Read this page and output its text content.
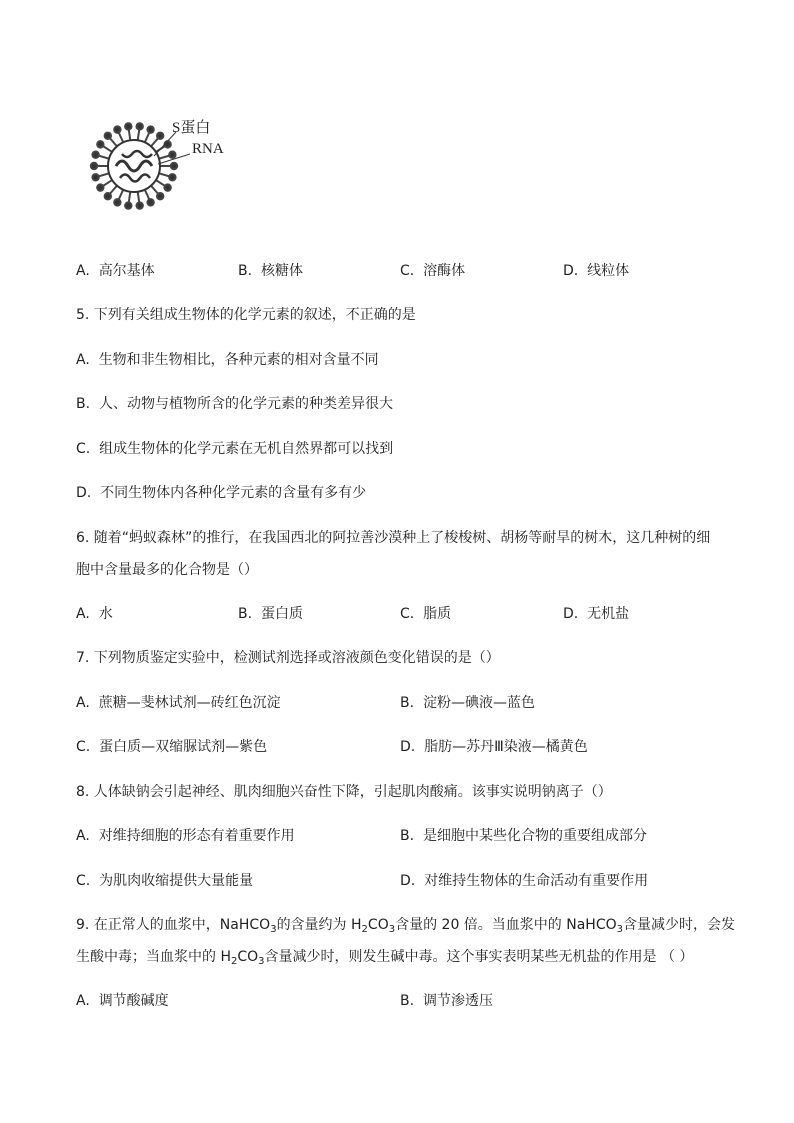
S蛋白
RNA
A. 高尔基体	B. 核糖体	C. 溶酶体	D. 线粒体
5. 下列有关组成生物体的化学元素的叙述，不正确的是
A. 生物和非生物相比，各种元素的相对含量不同
B. 人、动物与植物所含的化学元素的种类差异很大
C. 组成生物体的化学元素在无机自然界都可以找到
D. 不同生物体内各种化学元素的含量有多有少
6. 随着“蚂蚁森林”的推行，在我国西北的阿拉善沙漠种上了梭梭树、胡杨等耐旱的树木，这几种树的细
胞中含量最多的化合物是（）
A. 水	B. 蛋白质	C. 脂质	D. 无机盐
7. 下列物质鉴定实验中，检测试剂选择或溶液颜色变化错误的是（）
A. 蔗糖—斐林试剂—砖红色沉淀	B. 淀粉—碘液—蓝色
C. 蛋白质—双缩脲试剂—紫色	D. 脂肪—苏丹Ⅲ染液—橘黄色
8. 人体缺钠会引起神经、肌肉细胞兴奋性下降，引起肌肉酸痛。该事实说明钠离子（）
A. 对维持细胞的形态有着重要作用	B. 是细胞中某些化合物的重要组成部分
C. 为肌肉收缩提供大量能量	D. 对维持生物体的生命活动有重要作用
9. 在正常人的血浆中，NaHCO$_3$的含量约为 $H_2CO_3$含量的 20 倍。当血浆中的 NaHCO$_3$含量减少时，会发
生酸中毒；当血浆中的 $H_2CO_3$含量减少时，则发生碱中毒。这个事实表明某些无机盐的作用是 （ ）
A. 调节酸碱度	B. 调节渗透压
